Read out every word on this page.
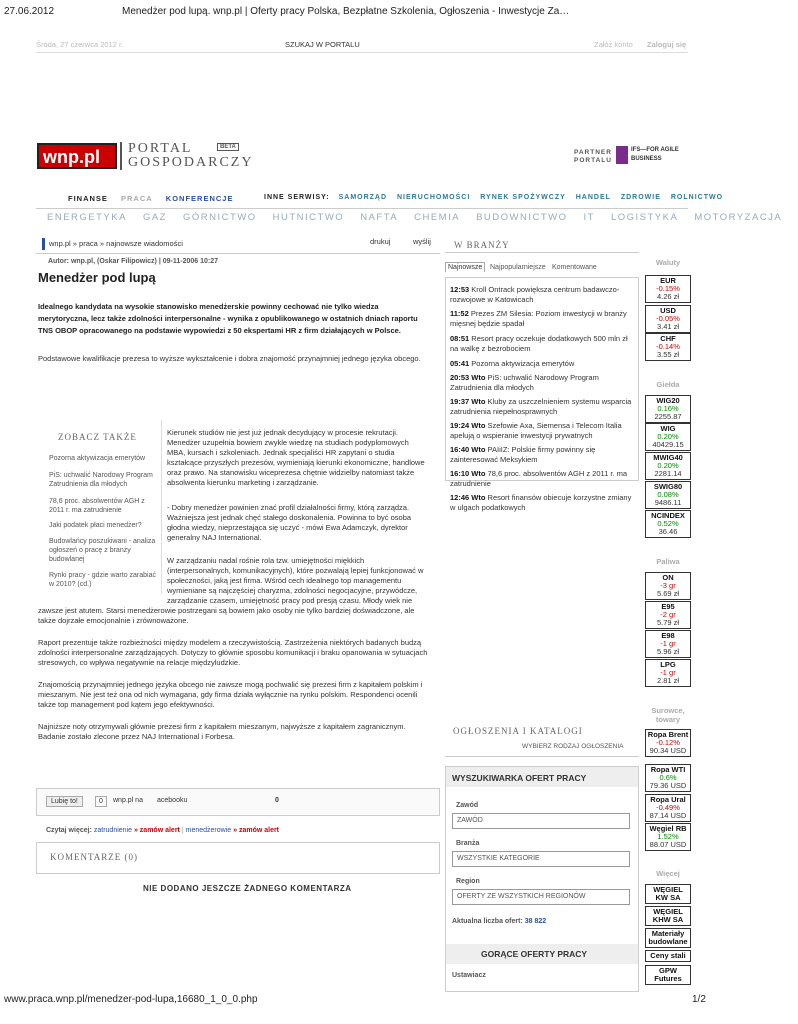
27.06.2012	Menedżer pod lupą. wnp.pl | Oferty pracy Polska, Bezpłatne Szkolenia, Ogłoszenia - Inwestycje Za…
Środa, 27 czerwca 2012 r.	SZUKAJ W PORTALU	Załóż konto Zaloguj się
wnp.pl PORTAL
GOSPODARCZY
BETA
PARTNER
PORTALU
IFS—FOR AGILE
BUSINESS
FINANSE PRACA KONFERENCJE	INNE SERWISY: SAMORZĄD NIERUCHOMOŚCI RYNEK SPOŻYWCZY HANDEL ZDROWIE ROLNICTWO
ENERGETYKA GAZ GÓRNICTWO HUTNICTWO NAFTA CHEMIA BUDOWNICTWO IT LOGISTYKA MOTORYZACJA
wnp.pl » praca » najnowsze wiadomości	drukuj	wyślij
Autor: wnp.pl, (Oskar Filipowicz) | 09-11-2006 10:27
Menedżer pod lupą
Idealnego kandydata na wysokie stanowisko menedżerskie powinny cechować nie tylko wiedza merytoryczna, lecz także zdolności interpersonalne - wynika z opublikowanego w ostatnich dniach raportu TNS OBOP opracowanego na podstawie wypowiedzi z 50 ekspertami HR z firm działających w Polsce.
Podstawowe kwalifikacje prezesa to wyższe wykształcenie i dobra znajomość przynajmniej jednego języka obcego.
ZOBACZ TAKŻE
Pozorna aktywizacja emerytów
PiS: uchwalić Narodowy Program Zatrudnienia dla młodych
78,6 proc. absolwentów AGH z 2011 r. ma zatrudnienie
Jaki podatek płaci menedżer?
Budowlańcy poszukiwani - analiza ogłoszeń o pracę z branży budowlanej
Rynki pracy - gdzie warto zarabiać w 2010? (cd.)
Kierunek studiów nie jest już jednak decydujący w procesie rekrutacji. Menedżer uzupełnia bowiem zwykle wiedzę na studiach podyplomowych MBA, kursach i szkoleniach. Jednak specjaliści HR zapytani o studia kształcące przyszłych prezesów, wymieniają kierunki ekonomiczne, handlowe oraz prawo. Na stanowisku wiceprezesa chętnie widzielby natomiast także absolwenta kierunku marketing i zarządzanie.
- Dobry menedżer powinien znać profil działalności firmy, którą zarządza. Ważniejsza jest jednak chęć stałego doskonalenia. Powinna to być osoba głodna wiedzy, nieprzestająca się uczyć - mówi Ewa Adamczyk, dyrektor generalny NAJ International.
W zarządzaniu nadal rośnie rola tzw. umiejętności miękkich (interpersonalnych, komunikacyjnych), które pozwalają lepiej funkcjonować w społeczności, jaką jest firma. Wśród cech idealnego top managementu wymieniane są najczęściej charyzma, zdolności negocjacyjne, przywódcze, zarządzanie czasem, umiejętność pracy pod presją czasu. Młody wiek nie
zawsze jest atutem. Starsi menedżerowie postrzegani są bowiem jako osoby nie tylko bardziej doświadczone, ale także dojrzałe emocjonalnie i zrównoważone.
Raport prezentuje także rozbieżności między modelem a rzeczywistością. Zastrzeżenia niektórych badanych budzą zdolności interpersonalne zarządzających. Dotyczy to głównie sposobu komunikacji i braku opanowania w sytuacjach stresowych, co wpływa negatywnie na relacje międzyludzkie.
Znajomością przynajmniej jednego języka obcego nie zawsze mogą pochwalić się prezesi firm z kapitałem polskim i mieszanym. Nie jest też ona od nich wymagana, gdy firma działa wyłącznie na rynku polskim. Respondenci ocenili także top management pod kątem jego efektywności.
Najniższe noty otrzymywali głównie prezesi firm z kapitałem mieszanym, najwyższe z kapitałem zagranicznym. Badanie zostało zlecone przez NAJ International i Forbesa.
Lubię to!	0	wnp.pl na acebooku	0
Czytaj więcej: zatrudnienie » zamów alert | menedżerowie » zamów alert
KOMENTARZE (0)
NIE DODANO JESZCZE ŻADNEGO KOMENTARZA
W BRANŻY
Najnowsze	Najpopularniejsze Komentowane
12:53 Kroll Ontrack powiększa centrum badawczo-rozwojowe w Katowicach
11:52 Prezes ZM Silesia: Poziom inwestycji w branży mięsnej będzie spadał
08:51 Resort pracy oczekuje dodatkowych 500 mln zł na walkę z bezrobociem
05:41 Pozorna aktywizacja emerytów
20:53 Wto PiS: uchwalić Narodowy Program Zatrudnienia dla młodych
19:37 Wto Kluby za uszczelnieniem systemu wsparcia zatrudnienia niepełnosprawnych
19:24 Wto Szefowie Axa, Siemensa i Telecom Italia apelują o wspieranie inwestycji prywatnych
16:40 Wto PAIiIZ: Polskie firmy powinny się zainteresować Meksykiem
16:10 Wto 78,6 proc. absolwentów AGH z 2011 r. ma zatrudnienie
12:46 Wto Resort finansów obiecuje korzystne zmiany w ulgach podatkowych
OGŁOSZENIA I KATALOGI
WYBIERZ RODZAJ OGŁOSZENIA
WYSZUKIWARKA OFERT PRACY
Zawód
ZAWÓD
Branża
WSZYSTKIE KATEGORIE
Region
OFERTY ZE WSZYSTKICH REGIONÓW
Aktualna liczba ofert: 38 822
GORĄCE OFERTY PRACY
Ustawiacz
Waluty
EUR
-0.15%
4.26 zł
USD
-0.05%
3.41 zł
CHF
-0.14%
3.55 zł
Giełda
WIG20
0.16%
2255.87
WIG
0.20%
40429.15
MWIG40
0.20%
2281.14
SWIG80
0.08%
9486.11
NCINDEX
0.52%
36.46
Paliwa
ON
-3 gr
5.69 zł
E95
-2 gr
5.79 zł
E98
-1 gr
5.96 zł
LPG
-1 gr
2.81 zł
Surowce, towary
Ropa Brent
-0.12%
90.34 USD
Ropa WTI
0.6%
79.36 USD
Ropa Ural
-0.49%
87.14 USD
Węgiel RB
1.52%
88.07 USD
Więcej
WĘGIEL KW SA
WĘGIEL KHW SA
Materiały budowlane
Ceny stali
GPW Futures
www.praca.wnp.pl/menedzer-pod-lupa,16680_1_0_0.php	1/2
